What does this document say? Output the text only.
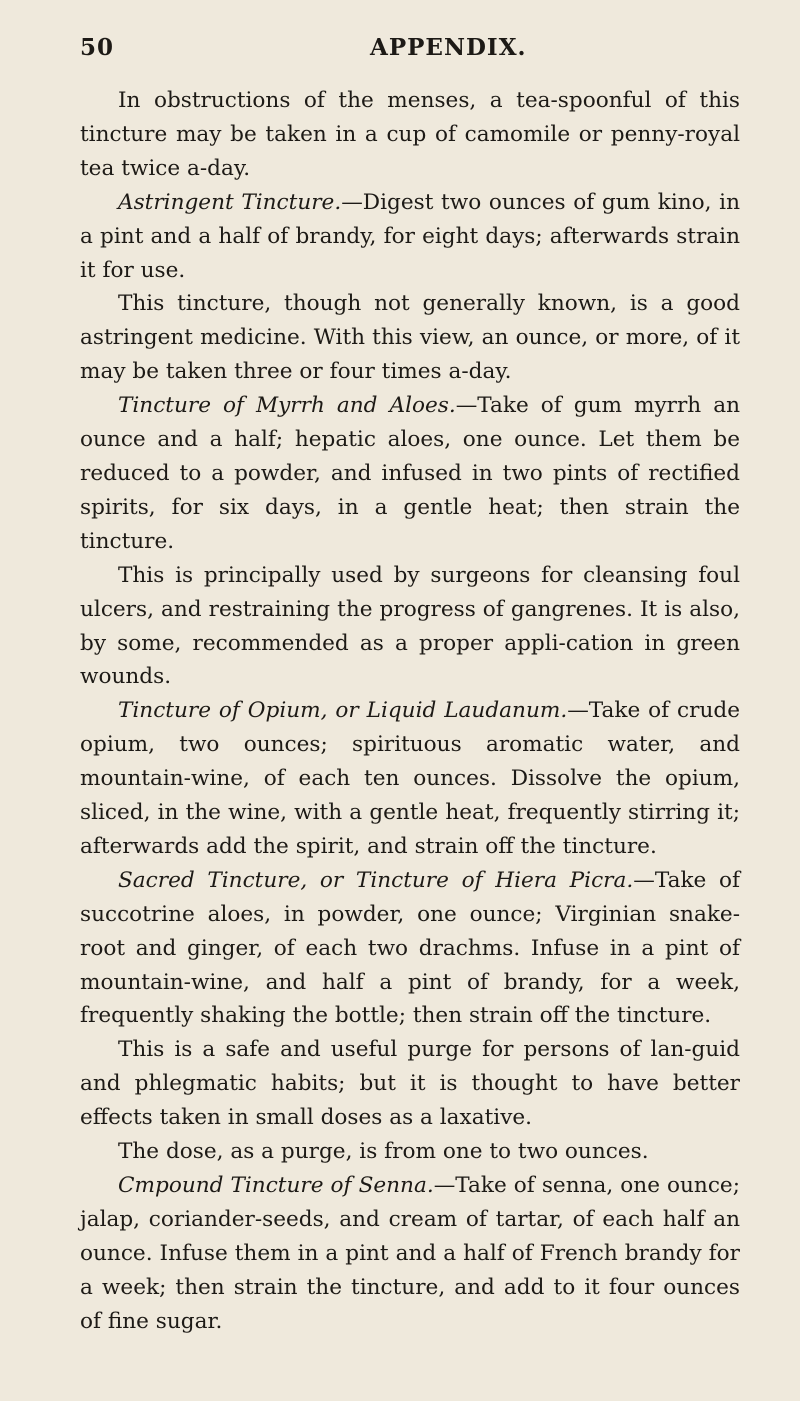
50	APPENDIX.

In obstructions of the menses, a tea-spoonful of this tincture may be taken in a cup of camomile or penny-royal tea twice a-day.

Astringent Tincture.—Digest two ounces of gum kino, in a pint and a half of brandy, for eight days; afterwards strain it for use.

This tincture, though not generally known, is a good astringent medicine. With this view, an ounce, or more, of it may be taken three or four times a-day.

Tincture of Myrrh and Aloes.—Take of gum myrrh an ounce and a half; hepatic aloes, one ounce. Let them be reduced to a powder, and infused in two pints of rectified spirits, for six days, in a gentle heat; then strain the tincture.

This is principally used by surgeons for cleansing foul ulcers, and restraining the progress of gangrenes. It is also, by some, recommended as a proper appli-cation in green wounds.

Tincture of Opium, or Liquid Laudanum.—Take of crude opium, two ounces; spirituous aromatic water, and mountain-wine, of each ten ounces. Dissolve the opium, sliced, in the wine, with a gentle heat, frequently stirring it; afterwards add the spirit, and strain off the tincture.

Sacred Tincture, or Tincture of Hiera Picra.—Take of succotrine aloes, in powder, one ounce; Virginian snake-root and ginger, of each two drachms. Infuse in a pint of mountain-wine, and half a pint of brandy, for a week, frequently shaking the bottle; then strain off the tincture.

This is a safe and useful purge for persons of lan-guid and phlegmatic habits; but it is thought to have better effects taken in small doses as a laxative.

The dose, as a purge, is from one to two ounces.

Cmpound Tincture of Senna.—Take of senna, one ounce; jalap, coriander-seeds, and cream of tartar, of each half an ounce. Infuse them in a pint and a half of French brandy for a week; then strain the tincture, and add to it four ounces of fine sugar.
